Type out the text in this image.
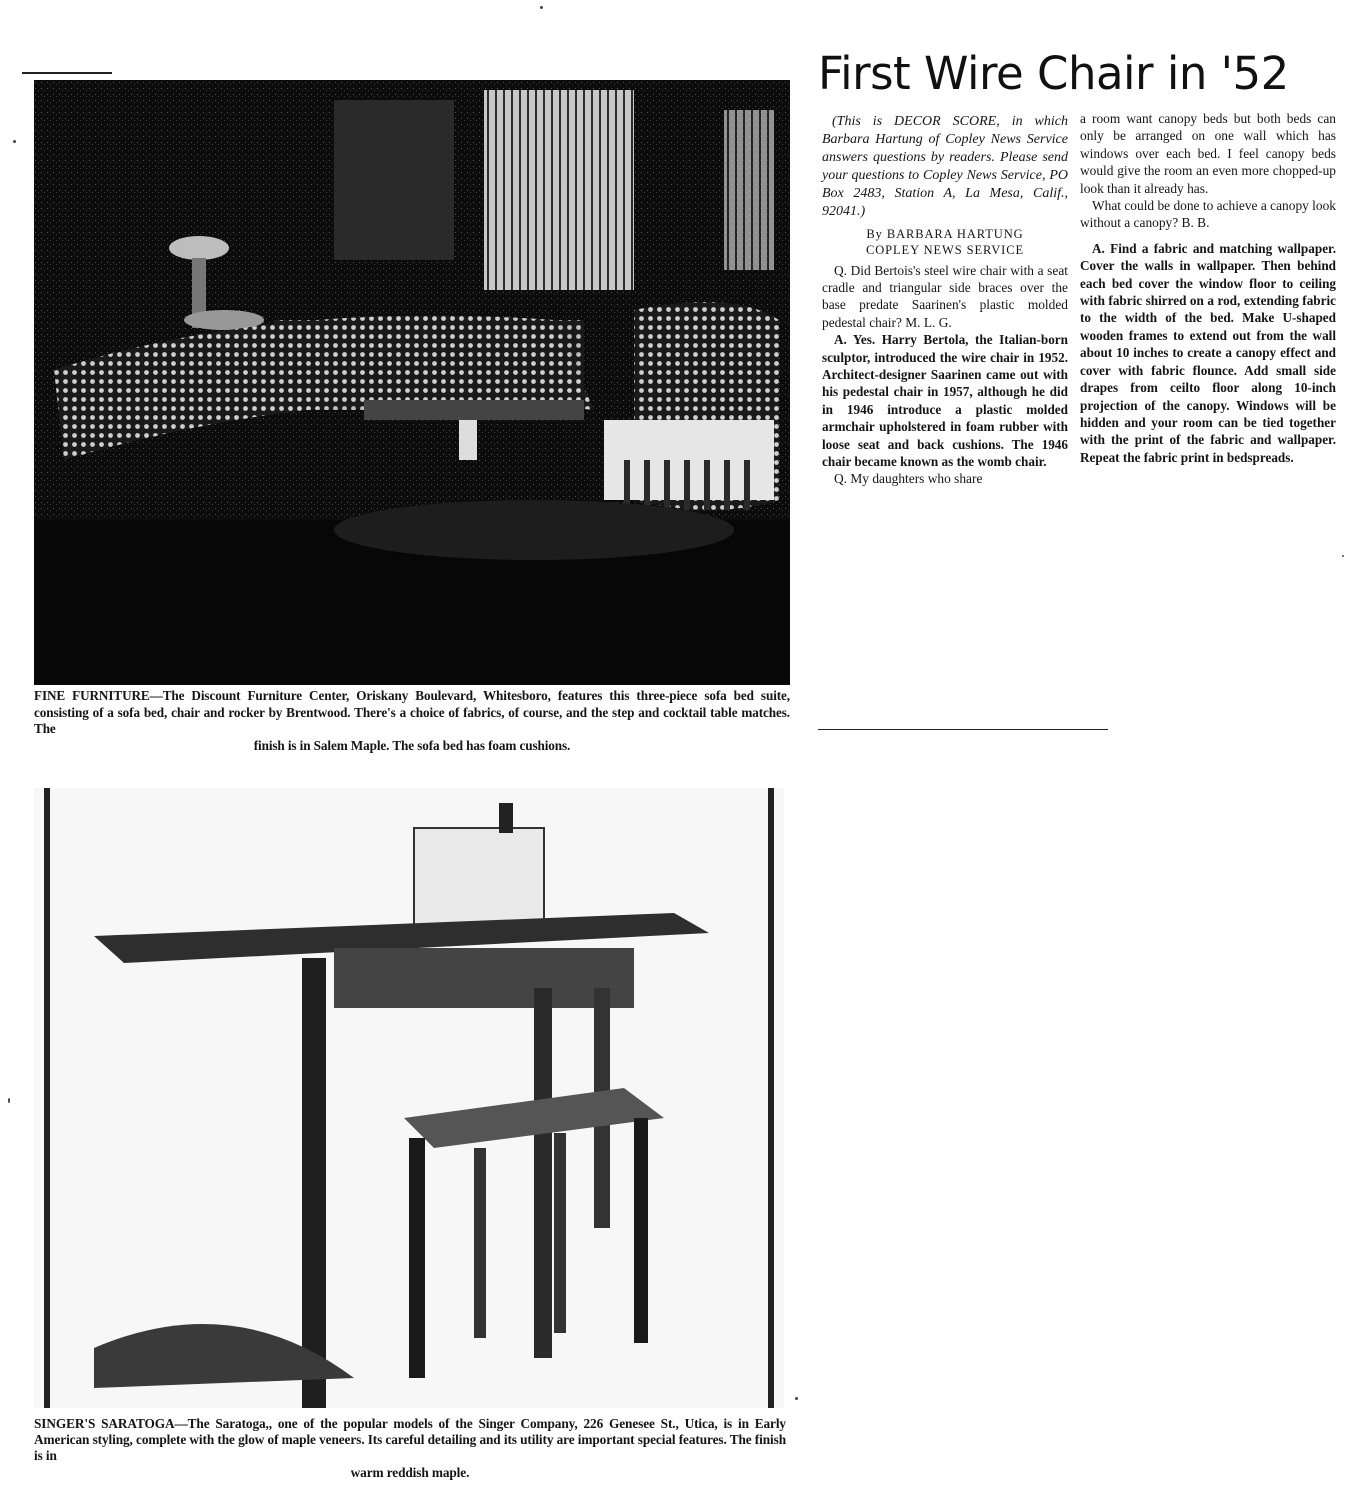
FINE FURNITURE—The Discount Furniture Center, Oriskany Boulevard, Whitesboro, features this three-piece sofa bed suite, consisting of a sofa bed, chair and rocker by Brentwood. There's a choice of fabrics, of course, and the step and cocktail table matches. The
finish is in Salem Maple. The sofa bed has foam cushions.

SINGER'S SARATOGA—The Saratoga,, one of the popular models of the Singer Company, 226 Genesee St., Utica, is in Early American styling, complete with the glow of maple veneers. Its careful detailing and its utility are important special features. The finish is in
warm reddish maple.

First Wire Chair in '52

(This is DECOR SCORE, in which Barbara Hartung of Copley News Service answers questions by readers. Please send your questions to Copley News Service, PO Box 2483, Station A, La Mesa, Calif., 92041.)

By BARBARA HARTUNG
COPLEY NEWS SERVICE

Q. Did Bertois's steel wire chair with a seat cradle and triangular side braces over the base predate Saarinen's plastic molded pedestal chair? M. L. G.

A. Yes. Harry Bertola, the Italian-born sculptor, introduced the wire chair in 1952. Architect-designer Saarinen came out with his pedestal chair in 1957, although he did in 1946 introduce a plastic molded armchair upholstered in foam rubber with loose seat and back cushions. The 1946 chair became known as the womb chair.

Q. My daughters who share

a room want canopy beds but both beds can only be arranged on one wall which has windows over each bed. I feel canopy beds would give the room an even more chopped-up look than it already has.

What could be done to achieve a canopy look without a canopy? B. B.

A. Find a fabric and matching wallpaper. Cover the walls in wallpaper. Then behind each bed cover the window floor to ceiling with fabric shirred on a rod, extending fabric to the width of the bed. Make U-shaped wooden frames to extend out from the wall about 10 inches to create a canopy effect and cover with fabric flounce. Add small side drapes from ceilto floor along 10-inch projection of the canopy. Windows will be hidden and your room can be tied together with the print of the fabric and wallpaper. Repeat the fabric print in bedspreads.
